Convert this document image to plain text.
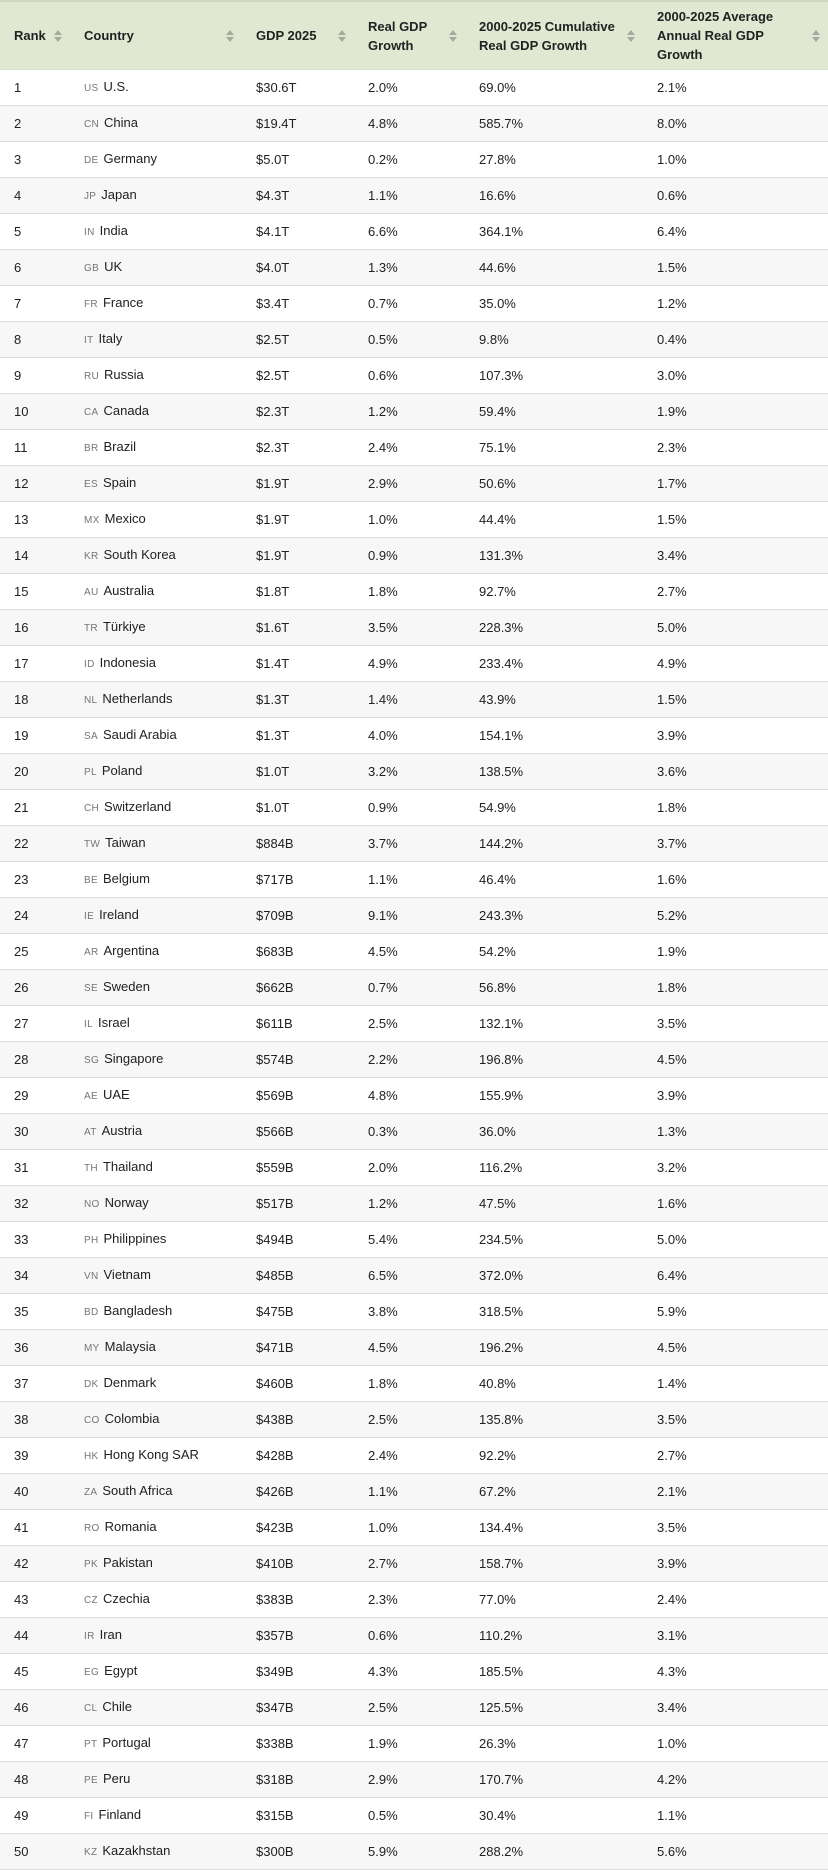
Rank	Country	GDP 2025	Real GDP Growth	2000-2025 Cumulative Real GDP Growth	2000-2025 Average Annual Real GDP Growth

1	US U.S.	$30.6T	2.0%	69.0%	2.1%
2	CN China	$19.4T	4.8%	585.7%	8.0%
3	DE Germany	$5.0T	0.2%	27.8%	1.0%
4	JP Japan	$4.3T	1.1%	16.6%	0.6%
5	IN India	$4.1T	6.6%	364.1%	6.4%
6	GB UK	$4.0T	1.3%	44.6%	1.5%
7	FR France	$3.4T	0.7%	35.0%	1.2%
8	IT Italy	$2.5T	0.5%	9.8%	0.4%
9	RU Russia	$2.5T	0.6%	107.3%	3.0%
10	CA Canada	$2.3T	1.2%	59.4%	1.9%
11	BR Brazil	$2.3T	2.4%	75.1%	2.3%
12	ES Spain	$1.9T	2.9%	50.6%	1.7%
13	MX Mexico	$1.9T	1.0%	44.4%	1.5%
14	KR South Korea	$1.9T	0.9%	131.3%	3.4%
15	AU Australia	$1.8T	1.8%	92.7%	2.7%
16	TR Türkiye	$1.6T	3.5%	228.3%	5.0%
17	ID Indonesia	$1.4T	4.9%	233.4%	4.9%
18	NL Netherlands	$1.3T	1.4%	43.9%	1.5%
19	SA Saudi Arabia	$1.3T	4.0%	154.1%	3.9%
20	PL Poland	$1.0T	3.2%	138.5%	3.6%
21	CH Switzerland	$1.0T	0.9%	54.9%	1.8%
22	TW Taiwan	$884B	3.7%	144.2%	3.7%
23	BE Belgium	$717B	1.1%	46.4%	1.6%
24	IE Ireland	$709B	9.1%	243.3%	5.2%
25	AR Argentina	$683B	4.5%	54.2%	1.9%
26	SE Sweden	$662B	0.7%	56.8%	1.8%
27	IL Israel	$611B	2.5%	132.1%	3.5%
28	SG Singapore	$574B	2.2%	196.8%	4.5%
29	AE UAE	$569B	4.8%	155.9%	3.9%
30	AT Austria	$566B	0.3%	36.0%	1.3%
31	TH Thailand	$559B	2.0%	116.2%	3.2%
32	NO Norway	$517B	1.2%	47.5%	1.6%
33	PH Philippines	$494B	5.4%	234.5%	5.0%
34	VN Vietnam	$485B	6.5%	372.0%	6.4%
35	BD Bangladesh	$475B	3.8%	318.5%	5.9%
36	MY Malaysia	$471B	4.5%	196.2%	4.5%
37	DK Denmark	$460B	1.8%	40.8%	1.4%
38	CO Colombia	$438B	2.5%	135.8%	3.5%
39	HK Hong Kong SAR	$428B	2.4%	92.2%	2.7%
40	ZA South Africa	$426B	1.1%	67.2%	2.1%
41	RO Romania	$423B	1.0%	134.4%	3.5%
42	PK Pakistan	$410B	2.7%	158.7%	3.9%
43	CZ Czechia	$383B	2.3%	77.0%	2.4%
44	IR Iran	$357B	0.6%	110.2%	3.1%
45	EG Egypt	$349B	4.3%	185.5%	4.3%
46	CL Chile	$347B	2.5%	125.5%	3.4%
47	PT Portugal	$338B	1.9%	26.3%	1.0%
48	PE Peru	$318B	2.9%	170.7%	4.2%
49	FI Finland	$315B	0.5%	30.4%	1.1%
50	KZ Kazakhstan	$300B	5.9%	288.2%	5.6%
